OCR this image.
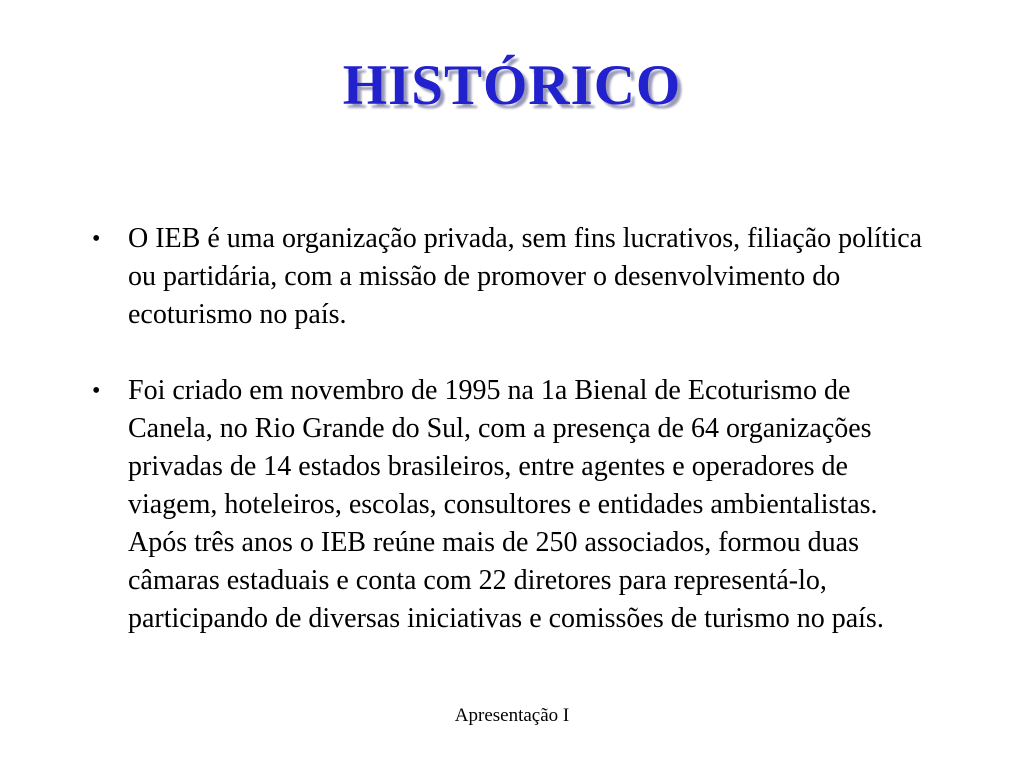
HISTÓRICO
• O IEB é uma organização privada, sem fins lucrativos, filiação política ou partidária, com a missão de promover o desenvolvimento do ecoturismo no país.
• Foi criado em novembro de 1995 na 1a Bienal de Ecoturismo de Canela, no Rio Grande do Sul, com a presença de 64 organizações privadas de 14 estados brasileiros, entre agentes e operadores de viagem, hoteleiros, escolas, consultores e entidades ambientalistas. Após três anos o IEB reúne mais de 250 associados, formou duas câmaras estaduais e conta com 22 diretores para representá-lo, participando de diversas iniciativas e comissões de turismo no país.
Apresentação I
